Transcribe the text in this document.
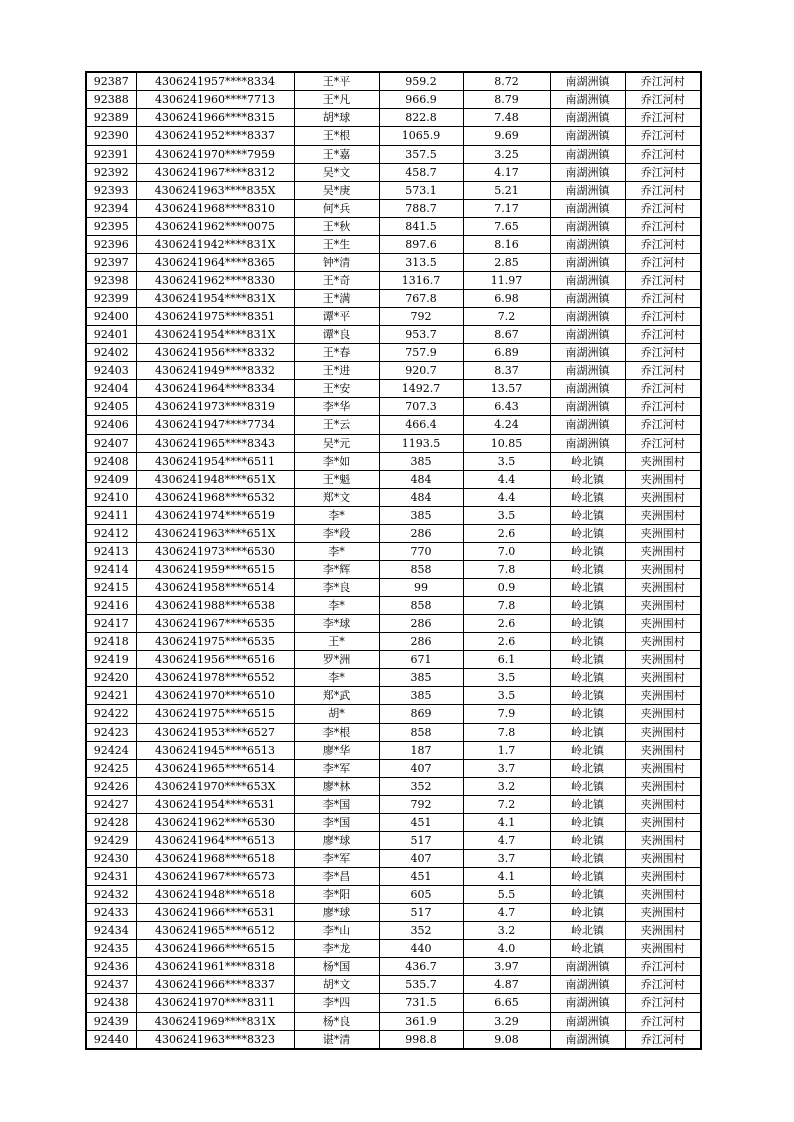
92387	4306241957****8334	王*平	959.2	8.72	南湖洲镇	乔江河村
92388	4306241960****7713	王*凡	966.9	8.79	南湖洲镇	乔江河村
92389	4306241966****8315	胡*球	822.8	7.48	南湖洲镇	乔江河村
92390	4306241952****8337	王*根	1065.9	9.69	南湖洲镇	乔江河村
92391	4306241970****7959	王*嘉	357.5	3.25	南湖洲镇	乔江河村
92392	4306241967****8312	吴*文	458.7	4.17	南湖洲镇	乔江河村
92393	4306241963****835X	吴*庚	573.1	5.21	南湖洲镇	乔江河村
92394	4306241968****8310	何*兵	788.7	7.17	南湖洲镇	乔江河村
92395	4306241962****0075	王*秋	841.5	7.65	南湖洲镇	乔江河村
92396	4306241942****831X	王*生	897.6	8.16	南湖洲镇	乔江河村
92397	4306241964****8365	钟*清	313.5	2.85	南湖洲镇	乔江河村
92398	4306241962****8330	王*奇	1316.7	11.97	南湖洲镇	乔江河村
92399	4306241954****831X	王*满	767.8	6.98	南湖洲镇	乔江河村
92400	4306241975****8351	谭*平	792	7.2	南湖洲镇	乔江河村
92401	4306241954****831X	谭*良	953.7	8.67	南湖洲镇	乔江河村
92402	4306241956****8332	王*春	757.9	6.89	南湖洲镇	乔江河村
92403	4306241949****8332	王*进	920.7	8.37	南湖洲镇	乔江河村
92404	4306241964****8334	王*安	1492.7	13.57	南湖洲镇	乔江河村
92405	4306241973****8319	李*华	707.3	6.43	南湖洲镇	乔江河村
92406	4306241947****7734	王*云	466.4	4.24	南湖洲镇	乔江河村
92407	4306241965****8343	吴*元	1193.5	10.85	南湖洲镇	乔江河村
92408	4306241954****6511	李*如	385	3.5	岭北镇	夹洲围村
92409	4306241948****651X	王*魁	484	4.4	岭北镇	夹洲围村
92410	4306241968****6532	郑*文	484	4.4	岭北镇	夹洲围村
92411	4306241974****6519	李*	385	3.5	岭北镇	夹洲围村
92412	4306241963****651X	李*段	286	2.6	岭北镇	夹洲围村
92413	4306241973****6530	李*	770	7.0	岭北镇	夹洲围村
92414	4306241959****6515	李*辉	858	7.8	岭北镇	夹洲围村
92415	4306241958****6514	李*良	99	0.9	岭北镇	夹洲围村
92416	4306241988****6538	李*	858	7.8	岭北镇	夹洲围村
92417	4306241967****6535	李*球	286	2.6	岭北镇	夹洲围村
92418	4306241975****6535	王*	286	2.6	岭北镇	夹洲围村
92419	4306241956****6516	罗*洲	671	6.1	岭北镇	夹洲围村
92420	4306241978****6552	李*	385	3.5	岭北镇	夹洲围村
92421	4306241970****6510	郑*武	385	3.5	岭北镇	夹洲围村
92422	4306241975****6515	胡*	869	7.9	岭北镇	夹洲围村
92423	4306241953****6527	李*根	858	7.8	岭北镇	夹洲围村
92424	4306241945****6513	廖*华	187	1.7	岭北镇	夹洲围村
92425	4306241965****6514	李*军	407	3.7	岭北镇	夹洲围村
92426	4306241970****653X	廖*林	352	3.2	岭北镇	夹洲围村
92427	4306241954****6531	李*国	792	7.2	岭北镇	夹洲围村
92428	4306241962****6530	李*国	451	4.1	岭北镇	夹洲围村
92429	4306241964****6513	廖*球	517	4.7	岭北镇	夹洲围村
92430	4306241968****6518	李*军	407	3.7	岭北镇	夹洲围村
92431	4306241967****6573	李*昌	451	4.1	岭北镇	夹洲围村
92432	4306241948****6518	李*阳	605	5.5	岭北镇	夹洲围村
92433	4306241966****6531	廖*球	517	4.7	岭北镇	夹洲围村
92434	4306241965****6512	李*山	352	3.2	岭北镇	夹洲围村
92435	4306241966****6515	李*龙	440	4.0	岭北镇	夹洲围村
92436	4306241961****8318	杨*国	436.7	3.97	南湖洲镇	乔江河村
92437	4306241966****8337	胡*文	535.7	4.87	南湖洲镇	乔江河村
92438	4306241970****8311	李*四	731.5	6.65	南湖洲镇	乔江河村
92439	4306241969****831X	杨*良	361.9	3.29	南湖洲镇	乔江河村
92440	4306241963****8323	谌*清	998.8	9.08	南湖洲镇	乔江河村
